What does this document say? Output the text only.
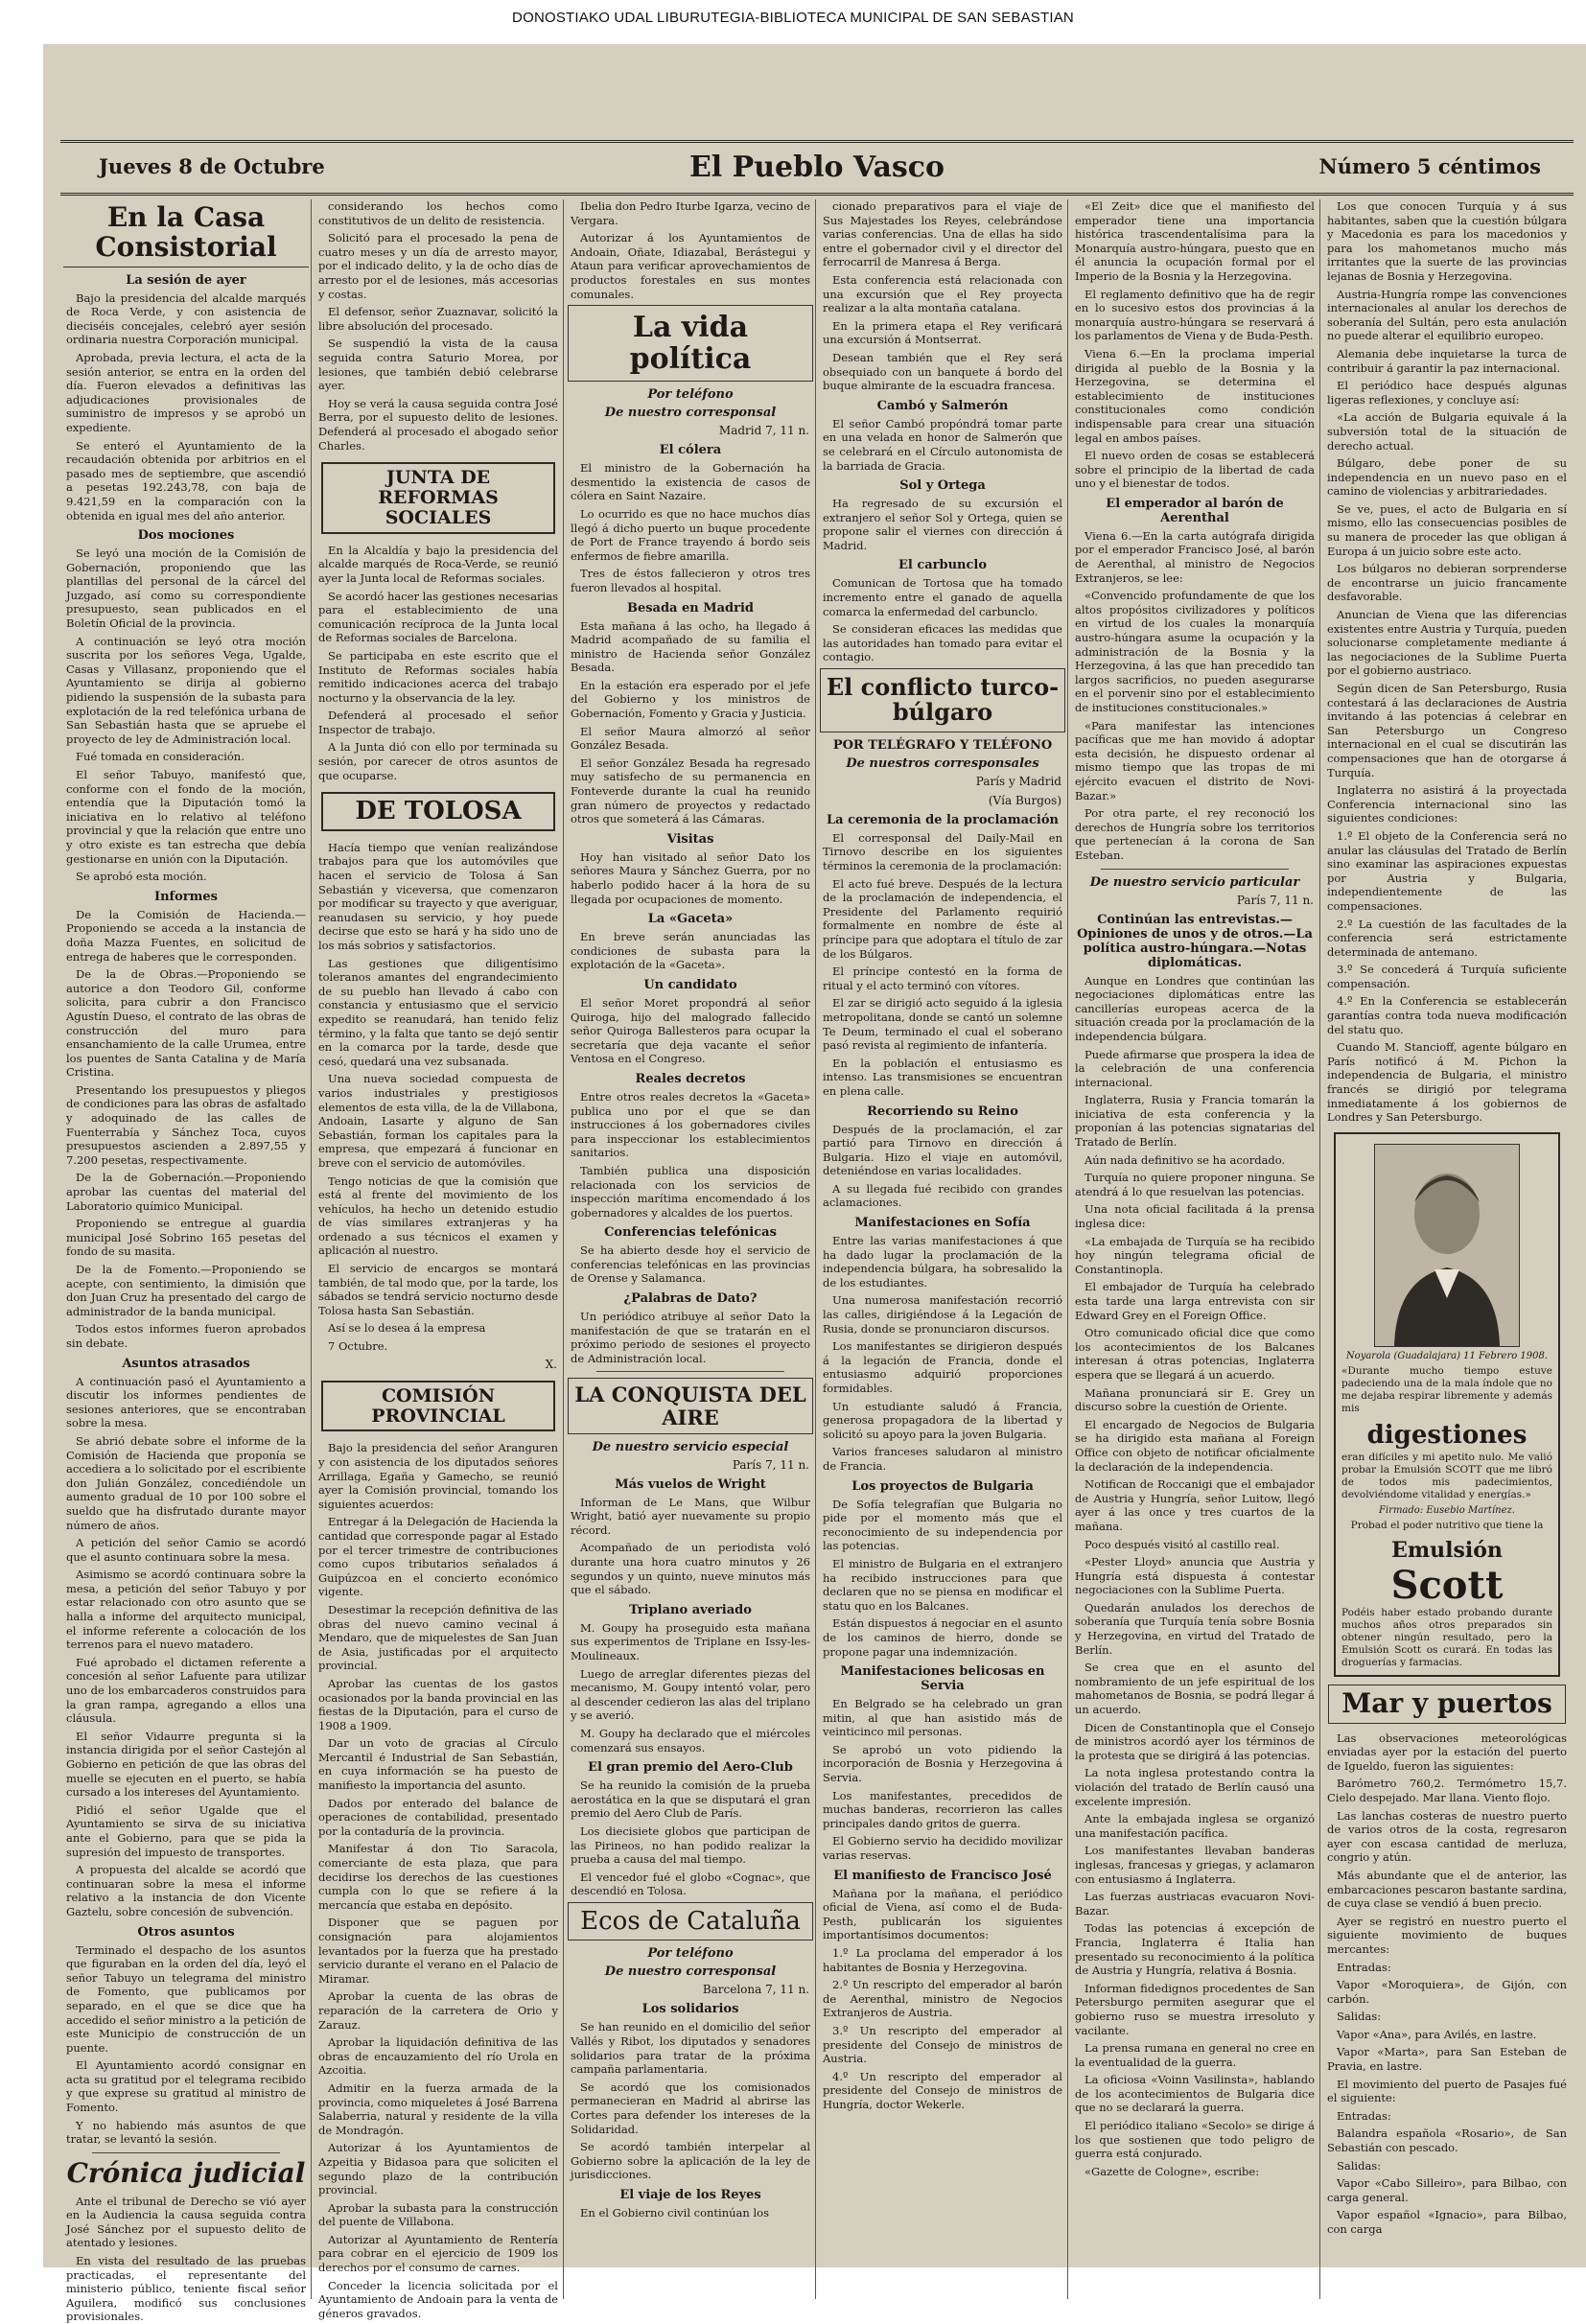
DONOSTIAKO UDAL LIBURUTEGIA-BIBLIOTECA MUNICIPAL DE SAN SEBASTIAN
Jueves 8 de Octubre	El Pueblo Vasco	Número 5 céntimos
En la Casa Consistorial
La sesión de ayer

Bajo la presidencia del alcalde marqués de Roca Verde, y con asistencia de dieciséis concejales, celebró ayer sesión ordinaria nuestra Corporación municipal.

Aprobada, previa lectura, el acta de la sesión anterior, se entra en la orden del día. Fueron elevados a definitivas las adjudicaciones provisionales de suministro de impresos y se aprobó un expediente.

Se enteró el Ayuntamiento de la recaudación obtenida por arbitrios en el pasado mes de septiembre, que ascendió a pesetas 192.243,78, con baja de 9.421,59 en la comparación con la obtenida en igual mes del año anterior.

Dos mociones

Se leyó una moción de la Comisión de Gobernación, proponiendo que las plantillas del personal de la cárcel del Juzgado, así como su correspondiente presupuesto, sean publicados en el Boletín Oficial de la provincia.

A continuación se leyó otra moción suscrita por los señores Vega, Ugalde, Casas y Villasanz, proponiendo que el Ayuntamiento se dirija al gobierno pidiendo la suspensión de la subasta para explotación de la red telefónica urbana de San Sebastián hasta que se apruebe el proyecto de ley de Administración local.

Fué tomada en consideración.

El señor Tabuyo, manifestó que, conforme con el fondo de la moción, entendía que la Diputación tomó la iniciativa en lo relativo al teléfono provincial y que la relación que entre uno y otro existe es tan estrecha que debía gestionarse en unión con la Diputación.

Se aprobó esta moción.

Informes

De la Comisión de Hacienda.—Proponiendo se acceda a la instancia de doña Mazza Fuentes, en solicitud de entrega de haberes que le corresponden.

De la de Obras.—Proponiendo se autorice a don Teodoro Gil, conforme solicita, para cubrir a don Francisco Agustín Dueso, el contrato de las obras de construcción del muro para ensanchamiento de la calle Urumea, entre los puentes de Santa Catalina y de María Cristina.

Presentando los presupuestos y pliegos de condiciones para las obras de asfaltado y adoquinado de las calles de Fuenterrabía y Sánchez Toca, cuyos presupuestos ascienden a 2.897,55 y 7.200 pesetas, respectivamente.

De la de Gobernación.—Proponiendo aprobar las cuentas del material del Laboratorio químico Municipal.

Proponiendo se entregue al guardia municipal José Sobrino 165 pesetas del fondo de su masita.

De la de Fomento.—Proponiendo se acepte, con sentimiento, la dimisión que don Juan Cruz ha presentado del cargo de administrador de la banda municipal.

Todos estos informes fueron aprobados sin debate.

Asuntos atrasados

A continuación pasó el Ayuntamiento a discutir los informes pendientes de sesiones anteriores, que se encontraban sobre la mesa.

Se abrió debate sobre el informe de la Comisión de Hacienda que proponía se accediera a lo solicitado por el escribiente don Julián González, concediéndole un aumento gradual de 10 por 100 sobre el sueldo que ha disfrutado durante mayor número de años.

A petición del señor Camio se acordó que el asunto continuara sobre la mesa.

Asimismo se acordó continuara sobre la mesa, a petición del señor Tabuyo y por estar relacionado con otro asunto que se halla a informe del arquitecto municipal, el informe referente a colocación de los terrenos para el nuevo matadero.

Fué aprobado el dictamen referente a concesión al señor Lafuente para utilizar uno de los embarcaderos construidos para la gran rampa, agregando a ellos una cláusula.

El señor Vidaurre pregunta si la instancia dirigida por el señor Castejón al Gobierno en petición de que las obras del muelle se ejecuten en el puerto, se había cursado a los intereses del Ayuntamiento.

Pidió el señor Ugalde que el Ayuntamiento se sirva de su iniciativa ante el Gobierno, para que se pida la supresión del impuesto de transportes.

A propuesta del alcalde se acordó que continuaran sobre la mesa el informe relativo a la instancia de don Vicente Gaztelu, sobre concesión de subvención.

Otros asuntos

Terminado el despacho de los asuntos que figuraban en la orden del día, leyó el señor Tabuyo un telegrama del ministro de Fomento, que publicamos por separado, en el que se dice que ha accedido el señor ministro a la petición de este Municipio de construcción de un puente.

El Ayuntamiento acordó consignar en acta su gratitud por el telegrama recibido y que exprese su gratitud al ministro de Fomento.

Y no habiendo más asuntos de que tratar, se levantó la sesión.

Crónica judicial

Ante el tribunal de Derecho se vió ayer en la Audiencia la causa seguida contra José Sánchez por el supuesto delito de atentado y lesiones.

En vista del resultado de las pruebas practicadas, el representante del ministerio público, teniente fiscal señor Aguilera, modificó sus conclusiones provisionales.

considerando los hechos como constitutivos de un delito de resistencia.

Solicitó para el procesado la pena de cuatro meses y un día de arresto mayor, por el indicado delito, y la de ocho días de arresto por el de lesiones, más accesorias y costas.

El defensor, señor Zuaznavar, solicitó la libre absolución del procesado.

Se suspendió la vista de la causa seguida contra Saturio Morea, por lesiones, que también debió celebrarse ayer.

Hoy se verá la causa seguida contra José Berra, por el supuesto delito de lesiones. Defenderá al procesado el abogado señor Charles.

JUNTA DE REFORMAS SOCIALES

En la Alcaldía y bajo la presidencia del alcalde marqués de Roca-Verde, se reunió ayer la Junta local de Reformas sociales.

Se acordó hacer las gestiones necesarias para el establecimiento de una comunicación recíproca de la Junta local de Reformas sociales de Barcelona.

Se participaba en este escrito que el Instituto de Reformas sociales había remitido indicaciones acerca del trabajo nocturno y la observancia de la ley.

Defenderá al procesado el señor Inspector de trabajo.

A la Junta dió con ello por terminada su sesión, por carecer de otros asuntos de que ocuparse.

DE TOLOSA

Hacía tiempo que venían realizándose trabajos para que los automóviles que hacen el servicio de Tolosa á San Sebastián y viceversa, que comenzaron por modificar su trayecto y que averiguar, reanudasen su servicio, y hoy puede decirse que esto se hará y ha sido uno de los más sobrios y satisfactorios.

Las gestiones que diligentísimo toleranos amantes del engrandecimiento de su pueblo han llevado á cabo con constancia y entusiasmo que el servicio expedito se reanudará, han tenido feliz término, y la falta que tanto se dejó sentir en la comarca por la tarde, desde que cesó, quedará una vez subsanada.

Una nueva sociedad compuesta de varios industriales y prestigiosos elementos de esta villa, de la de Villabona, Andoain, Lasarte y alguno de San Sebastián, forman los capitales para la empresa, que empezará á funcionar en breve con el servicio de automóviles.

Tengo noticias de que la comisión que está al frente del movimiento de los vehículos, ha hecho un detenido estudio de vías similares extranjeras y ha ordenado a sus técnicos el examen y aplicación al nuestro.

El servicio de encargos se montará también, de tal modo que, por la tarde, los sábados se tendrá servicio nocturno desde Tolosa hasta San Sebastián.

Así se lo desea á la empresa

7 Octubre.

X.
COMISIÓN PROVINCIAL

Bajo la presidencia del señor Aranguren y con asistencia de los diputados señores Arrillaga, Egaña y Gamecho, se reunió ayer la Comisión provincial, tomando los siguientes acuerdos:

Entregar á la Delegación de Hacienda la cantidad que corresponde pagar al Estado por el tercer trimestre de contribuciones como cupos tributarios señalados á Guipúzcoa en el concierto económico vigente.

Desestimar la recepción definitiva de las obras del nuevo camino vecinal á Mendaro, que de miquelestes de San Juan de Asia, justificadas por el arquitecto provincial.

Aprobar las cuentas de los gastos ocasionados por la banda provincial en las fiestas de la Diputación, para el curso de 1908 a 1909.

Dar un voto de gracias al Círculo Mercantil é Industrial de San Sebastián, en cuya información se ha puesto de manifiesto la importancia del asunto.

Dados por enterado del balance de operaciones de contabilidad, presentado por la contaduría de la provincia.

Manifestar á don Tio Saracola, comerciante de esta plaza, que para decidirse los derechos de las cuestiones cumpla con lo que se refiere á la mercancía que estaba en depósito.

Disponer que se paguen por consignación para alojamientos levantados por la fuerza que ha prestado servicio durante el verano en el Palacio de Miramar.

Aprobar la cuenta de las obras de reparación de la carretera de Orio y Zarauz.

Aprobar la liquidación definitiva de las obras de encauzamiento del río Urola en Azcoitia.

Admitir en la fuerza armada de la provincia, como miqueletes á José Barrena Salaberria, natural y residente de la villa de Mondragón.

Autorizar á los Ayuntamientos de Azpeitia y Bidasoa para que soliciten el segundo plazo de la contribución provincial.

Aprobar la subasta para la construcción del puente de Villabona.

Autorizar al Ayuntamiento de Rentería para cobrar en el ejercicio de 1909 los derechos por el consumo de carnes.

Conceder la licencia solicitada por el Ayuntamiento de Andoain para la venta de géneros gravados.

Ibelia don Pedro Iturbe Igarza, vecino de Vergara.

Autorizar á los Ayuntamientos de Andoain, Oñate, Idiazabal, Berástegui y Ataun para verificar aprovechamientos de productos forestales en sus montes comunales.

La vida política
Por teléfono
De nuestro corresponsal
Madrid 7, 11 n.
El cólera

El ministro de la Gobernación ha desmentido la existencia de casos de cólera en Saint Nazaire.

Lo ocurrido es que no hace muchos días llegó á dicho puerto un buque procedente de Port de France trayendo á bordo seis enfermos de fiebre amarilla.

Tres de éstos fallecieron y otros tres fueron llevados al hospital.

Besada en Madrid

Esta mañana á las ocho, ha llegado á Madrid acompañado de su familia el ministro de Hacienda señor González Besada.

En la estación era esperado por el jefe del Gobierno y los ministros de Gobernación, Fomento y Gracia y Justicia.

El señor Maura almorzó al señor González Besada.

El señor González Besada ha regresado muy satisfecho de su permanencia en Fonteverde durante la cual ha reunido gran número de proyectos y redactado otros que someterá á las Cámaras.

Visitas

Hoy han visitado al señor Dato los señores Maura y Sánchez Guerra, por no haberlo podido hacer á la hora de su llegada por ocupaciones de momento.

La «Gaceta»

En breve serán anunciadas las condiciones de subasta para la explotación de la «Gaceta».

Un candidato

El señor Moret propondrá al señor Quiroga, hijo del malogrado fallecido señor Quiroga Ballesteros para ocupar la secretaría que deja vacante el señor Ventosa en el Congreso.

Reales decretos

Entre otros reales decretos la «Gaceta» publica uno por el que se dan instrucciones á los gobernadores civiles para inspeccionar los establecimientos sanitarios.

También publica una disposición relacionada con los servicios de inspección marítima encomendado á los gobernadores y alcaldes de los puertos.

Conferencias telefónicas

Se ha abierto desde hoy el servicio de conferencias telefónicas en las provincias de Orense y Salamanca.

¿Palabras de Dato?

Un periódico atribuye al señor Dato la manifestación de que se tratarán en el próximo periodo de sesiones el proyecto de Administración local.

LA CONQUISTA DEL AIRE
De nuestro servicio especial
París 7, 11 n.
Más vuelos de Wright

Informan de Le Mans, que Wilbur Wright, batió ayer nuevamente su propio récord.

Acompañado de un periodista voló durante una hora cuatro minutos y 26 segundos y un quinto, nueve minutos más que el sábado.

Triplano averiado

M. Goupy ha proseguido esta mañana sus experimentos de Triplane en Issy-les-Moulineaux.

Luego de arreglar diferentes piezas del mecanismo, M. Goupy intentó volar, pero al descender cedieron las alas del triplano y se averió.

M. Goupy ha declarado que el miércoles comenzará sus ensayos.

El gran premio del Aero-Club

Se ha reunido la comisión de la prueba aerostática en la que se disputará el gran premio del Aero Club de París.

Los diecisiete globos que participan de las Pirineos, no han podido realizar la prueba a causa del mal tiempo.

El vencedor fué el globo «Cognac», que descendió en Tolosa.

Ecos de Cataluña
Por teléfono
De nuestro corresponsal
Barcelona 7, 11 n.
Los solidarios

Se han reunido en el domicilio del señor Vallés y Ribot, los diputados y senadores solidarios para tratar de la próxima campaña parlamentaria.

Se acordó que los comisionados permanecieran en Madrid al abrirse las Cortes para defender los intereses de la Solidaridad.

Se acordó también interpelar al Gobierno sobre la aplicación de la ley de jurisdicciones.

El viaje de los Reyes

En el Gobierno civil continúan los

cionado preparativos para el viaje de Sus Majestades los Reyes, celebrándose varias conferencias. Una de ellas ha sido entre el gobernador civil y el director del ferrocarril de Manresa á Berga.

Esta conferencia está relacionada con una excursión que el Rey proyecta realizar a la alta montaña catalana.

En la primera etapa el Rey verificará una excursión á Montserrat.

Desean también que el Rey será obsequiado con un banquete á bordo del buque almirante de la escuadra francesa.

Cambó y Salmerón

El señor Cambó propóndrá tomar parte en una velada en honor de Salmerón que se celebrará en el Círculo autonomista de la barriada de Gracia.

Sol y Ortega

Ha regresado de su excursión el extranjero el señor Sol y Ortega, quien se propone salir el viernes con dirección á Madrid.

El carbunclo

Comunican de Tortosa que ha tomado incremento entre el ganado de aquella comarca la enfermedad del carbunclo.

Se consideran eficaces las medidas que las autoridades han tomado para evitar el contagio.

El conflicto turco-búlgaro
POR TELÉGRAFO Y TELÉFONO
De nuestros corresponsales
París y Madrid
(Vía Burgos)
La ceremonia de la proclamación

El corresponsal del Daily-Mail en Tirnovo describe en los siguientes términos la ceremonia de la proclamación:

El acto fué breve. Después de la lectura de la proclamación de independencia, el Presidente del Parlamento requirió formalmente en nombre de éste al príncipe para que adoptara el título de zar de los Búlgaros.

El príncipe contestó en la forma de ritual y el acto terminó con vítores.

El zar se dirigió acto seguido á la iglesia metropolitana, donde se cantó un solemne Te Deum, terminado el cual el soberano pasó revista al regimiento de infantería.

En la población el entusiasmo es intenso. Las transmisiones se encuentran en plena calle.

Recorriendo su Reino

Después de la proclamación, el zar partió para Tirnovo en dirección á Bulgaria. Hizo el viaje en automóvil, deteniéndose en varias localidades.

A su llegada fué recibido con grandes aclamaciones.

Manifestaciones en Sofía

Entre las varias manifestaciones á que ha dado lugar la proclamación de la independencia búlgara, ha sobresalido la de los estudiantes.

Una numerosa manifestación recorrió las calles, dirigiéndose á la Legación de Rusia, donde se pronunciaron discursos.

Los manifestantes se dirigieron después á la legación de Francia, donde el entusiasmo adquirió proporciones formidables.

Un estudiante saludó á Francia, generosa propagadora de la libertad y solicitó su apoyo para la joven Bulgaria.

Varios franceses saludaron al ministro de Francia.

Los proyectos de Bulgaria

De Sofía telegrafían que Bulgaria no pide por el momento más que el reconocimiento de su independencia por las potencias.

El ministro de Bulgaria en el extranjero ha recibido instrucciones para que declaren que no se piensa en modificar el statu quo en los Balcanes.

Están dispuestos á negociar en el asunto de los caminos de hierro, donde se propone pagar una indemnización.

Manifestaciones belicosas en Servia

En Belgrado se ha celebrado un gran mitin, al que han asistido más de veinticinco mil personas.

Se aprobó un voto pidiendo la incorporación de Bosnia y Herzegovina á Servia.

Los manifestantes, precedidos de muchas banderas, recorrieron las calles principales dando gritos de guerra.

El Gobierno servio ha decidido movilizar varias reservas.

El manifiesto de Francisco José

Mañana por la mañana, el periódico oficial de Viena, así como el de Buda-Pesth, publicarán los siguientes importantísimos documentos:

1.º La proclama del emperador á los habitantes de Bosnia y Herzegovina.

2.º Un rescripto del emperador al barón de Aerenthal, ministro de Negocios Extranjeros de Austria.

3.º Un rescripto del emperador al presidente del Consejo de ministros de Austria.

4.º Un rescripto del emperador al presidente del Consejo de ministros de Hungría, doctor Wekerle.

«El Zeit» dice que el manifiesto del emperador tiene una importancia histórica trascendentalísima para la Monarquía austro-húngara, puesto que en él anuncia la ocupación formal por el Imperio de la Bosnia y la Herzegovina.

El reglamento definitivo que ha de regir en lo sucesivo estos dos provincias á la monarquía austro-húngara se reservará á los parlamentos de Viena y de Buda-Pesth.

Viena 6.—En la proclama imperial dirigida al pueblo de la Bosnia y la Herzegovina, se determina el establecimiento de instituciones constitucionales como condición indispensable para crear una situación legal en ambos países.

El nuevo orden de cosas se establecerá sobre el principio de la libertad de cada uno y el bienestar de todos.

El emperador al barón de Aerenthal

Viena 6.—En la carta autógrafa dirigida por el emperador Francisco José, al barón de Aerenthal, al ministro de Negocios Extranjeros, se lee:

«Convencido profundamente de que los altos propósitos civilizadores y políticos en virtud de los cuales la monarquía austro-húngara asume la ocupación y la administración de la Bosnia y la Herzegovina, á las que han precedido tan largos sacrificios, no pueden asegurarse en el porvenir sino por el establecimiento de instituciones constitucionales.»

«Para manifestar las intenciones pacíficas que me han movido á adoptar esta decisión, he dispuesto ordenar al mismo tiempo que las tropas de mi ejército evacuen el distrito de Novi-Bazar.»

Por otra parte, el rey reconoció los derechos de Hungría sobre los territorios que pertenecían á la corona de San Esteban.

De nuestro servicio particular
París 7, 11 n.
Continúan las entrevistas.—Opiniones de unos y de otros.—La política austro-húngara.—Notas diplomáticas.

Aunque en Londres que continúan las negociaciones diplomáticas entre las cancillerías europeas acerca de la situación creada por la proclamación de la independencia búlgara.

Puede afirmarse que prospera la idea de la celebración de una conferencia internacional.

Inglaterra, Rusia y Francia tomarán la iniciativa de esta conferencia y la proponían á las potencias signatarias del Tratado de Berlín.

Aún nada definitivo se ha acordado.

Turquía no quiere proponer ninguna. Se atendrá á lo que resuelvan las potencias.

Una nota oficial facilitada á la prensa inglesa dice:

«La embajada de Turquía se ha recibido hoy ningún telegrama oficial de Constantinopla.

El embajador de Turquía ha celebrado esta tarde una larga entrevista con sir Edward Grey en el Foreign Office.

Otro comunicado oficial dice que como los acontecimientos de los Balcanes interesan á otras potencias, Inglaterra espera que se llegará á un acuerdo.

Mañana pronunciará sir E. Grey un discurso sobre la cuestión de Oriente.

El encargado de Negocios de Bulgaria se ha dirigido esta mañana al Foreign Office con objeto de notificar oficialmente la declaración de la independencia.

Notifican de Roccanigi que el embajador de Austria y Hungría, señor Luitow, llegó ayer á las once y tres cuartos de la mañana.

Poco después visitó al castillo real.

«Pester Lloyd» anuncia que Austria y Hungría está dispuesta á contestar negociaciones con la Sublime Puerta.

Quedarán anulados los derechos de soberanía que Turquía tenía sobre Bosnia y Herzegovina, en virtud del Tratado de Berlín.

Se crea que en el asunto del nombramiento de un jefe espiritual de los mahometanos de Bosnia, se podrá llegar á un acuerdo.

Dicen de Constantinopla que el Consejo de ministros acordó ayer los términos de la protesta que se dirigirá á las potencias.

La nota inglesa protestando contra la violación del tratado de Berlín causó una excelente impresión.

Ante la embajada inglesa se organizó una manifestación pacífica.

Los manifestantes llevaban banderas inglesas, francesas y griegas, y aclamaron con entusiasmo á Inglaterra.

Las fuerzas austriacas evacuaron Novi-Bazar.

Todas las potencias á excepción de Francia, Inglaterra é Italia han presentado su reconocimiento á la política de Austria y Hungría, relativa á Bosnia.

Informan fidedignos procedentes de San Petersburgo permiten asegurar que el gobierno ruso se muestra irresoluto y vacilante.

La prensa rumana en general no cree en la eventualidad de la guerra.

La oficiosa «Voinn Vasilinsta», hablando de los acontecimientos de Bulgaria dice que no se declarará la guerra.

El periódico italiano «Secolo» se dirige á los que sostienen que todo peligro de guerra está conjurado.

«Gazette de Cologne», escribe:

Los que conocen Turquía y á sus habitantes, saben que la cuestión búlgara y Macedonia es para los macedonios y para los mahometanos mucho más irritantes que la suerte de las provincias lejanas de Bosnia y Herzegovina.

Austria-Hungría rompe las convenciones internacionales al anular los derechos de soberanía del Sultán, pero esta anulación no puede alterar el equilibrio europeo.

Alemania debe inquietarse la turca de contribuir á garantir la paz internacional.

El periódico hace después algunas ligeras reflexiones, y concluye así:

«La acción de Bulgaria equivale á la subversión total de la situación de derecho actual.

Búlgaro, debe poner de su independencia en un nuevo paso en el camino de violencias y arbitrariedades.

Se ve, pues, el acto de Bulgaria en sí mismo, ello las consecuencias posibles de su manera de proceder las que obligan á Europa á un juicio sobre este acto.

Los búlgaros no debieran sorprenderse de encontrarse un juicio francamente desfavorable.

Anuncian de Viena que las diferencias existentes entre Austria y Turquía, pueden solucionarse completamente mediante á las negociaciones de la Sublime Puerta por el gobierno austriaco.

Según dicen de San Petersburgo, Rusia contestará á las declaraciones de Austria invitando á las potencias á celebrar en San Petersburgo un Congreso internacional en el cual se discutirán las compensaciones que han de otorgarse á Turquía.

Inglaterra no asistirá á la proyectada Conferencia internacional sino las siguientes condiciones:

1.º El objeto de la Conferencia será no anular las cláusulas del Tratado de Berlín sino examinar las aspiraciones expuestas por Austria y Bulgaria, independientemente de las compensaciones.

2.º La cuestión de las facultades de la conferencia será estrictamente determinada de antemano.

3.º Se concederá á Turquía suficiente compensación.

4.º En la Conferencia se establecerán garantías contra toda nueva modificación del statu quo.

Cuando M. Stancioff, agente búlgaro en París notificó á M. Pichon la independencia de Bulgaria, el ministro francés se dirigió por telegrama inmediatamente á los gobiernos de Londres y San Petersburgo.

Noyarola (Guadalajara) 11 Febrero 1908.
«Durante mucho tiempo estuve padeciendo una de la mala índole que no me dejaba respirar libremente y además mis
digestiones
eran difíciles y mi apetito nulo. Me valió probar la Emulsión SCOTT que me libró de todos mis padecimientos, devolviéndome vitalidad y energías.»
Firmado: Eusebio Martínez.
Probad el poder nutritivo que tiene la
Emulsión
Scott
Podéis haber estado probando durante muchos años otros preparados sin obtener ningún resultado, pero la Emulsión Scott os curará. En todas las droguerías y farmacias.
Mar y puertos

Las observaciones meteorológicas enviadas ayer por la estación del puerto de Igueldo, fueron las siguientes:

Barómetro 760,2. Termómetro 15,7. Cielo despejado. Mar llana. Viento flojo.

Las lanchas costeras de nuestro puerto de varios otros de la costa, regresaron ayer con escasa cantidad de merluza, congrio y atún.

Más abundante que el de anterior, las embarcaciones pescaron bastante sardina, de cuya clase se vendió á buen precio.

Ayer se registró en nuestro puerto el siguiente movimiento de buques mercantes:

Entradas:

Vapor «Moroquiera», de Gijón, con carbón.

Salidas:

Vapor «Ana», para Avilés, en lastre.

Vapor «Marta», para San Esteban de Pravia, en lastre.

El movimiento del puerto de Pasajes fué el siguiente:

Entradas:

Balandra española «Rosario», de San Sebastián con pescado.

Salidas:

Vapor «Cabo Silleiro», para Bilbao, con carga general.

Vapor español «Ignacio», para Bilbao, con carga
